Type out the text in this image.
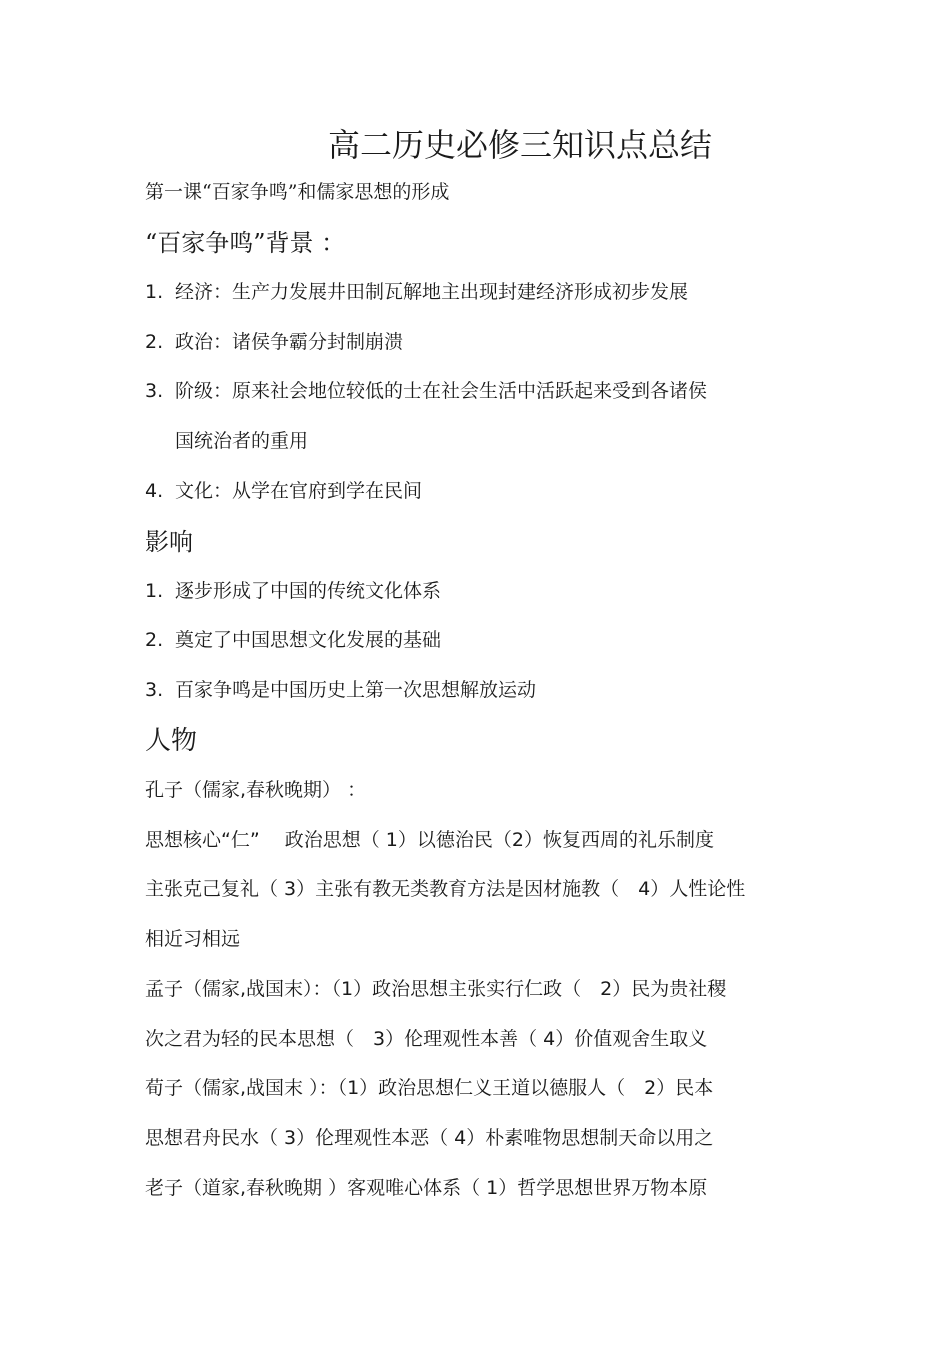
高二历史必修三知识点总结
第一课“百家争鸣”和儒家思想的形成
“百家争鸣”背景 ：
1. 经济：生产力发展井田制瓦解地主出现封建经济形成初步发展
2. 政治：诸侯争霸分封制崩溃
3. 阶级：原来社会地位较低的士在社会生活中活跃起来受到各诸侯
国统治者的重用
4. 文化：从学在官府到学在民间
影响
1. 逐步形成了中国的传统文化体系
2. 奠定了中国思想文化发展的基础
3. 百家争鸣是中国历史上第一次思想解放运动
人物
孔子（儒家,春秋晚期） ：
思想核心“仁”　 政治思想（ 1）以德治民（2）恢复西周的礼乐制度
主张克己复礼（ 3）主张有教无类教育方法是因材施教（　4）人性论性
相近习相远
孟子（儒家,战国末）：（1）政治思想主张实行仁政（　2）民为贵社稷
次之君为轻的民本思想（　3）伦理观性本善（ 4）价值观舍生取义
荀子（儒家,战国末 ）：（1）政治思想仁义王道以德服人（　2）民本
思想君舟民水（ 3）伦理观性本恶（ 4）朴素唯物思想制天命以用之
老子（道家,春秋晚期 ）客观唯心体系（ 1）哲学思想世界万物本原
